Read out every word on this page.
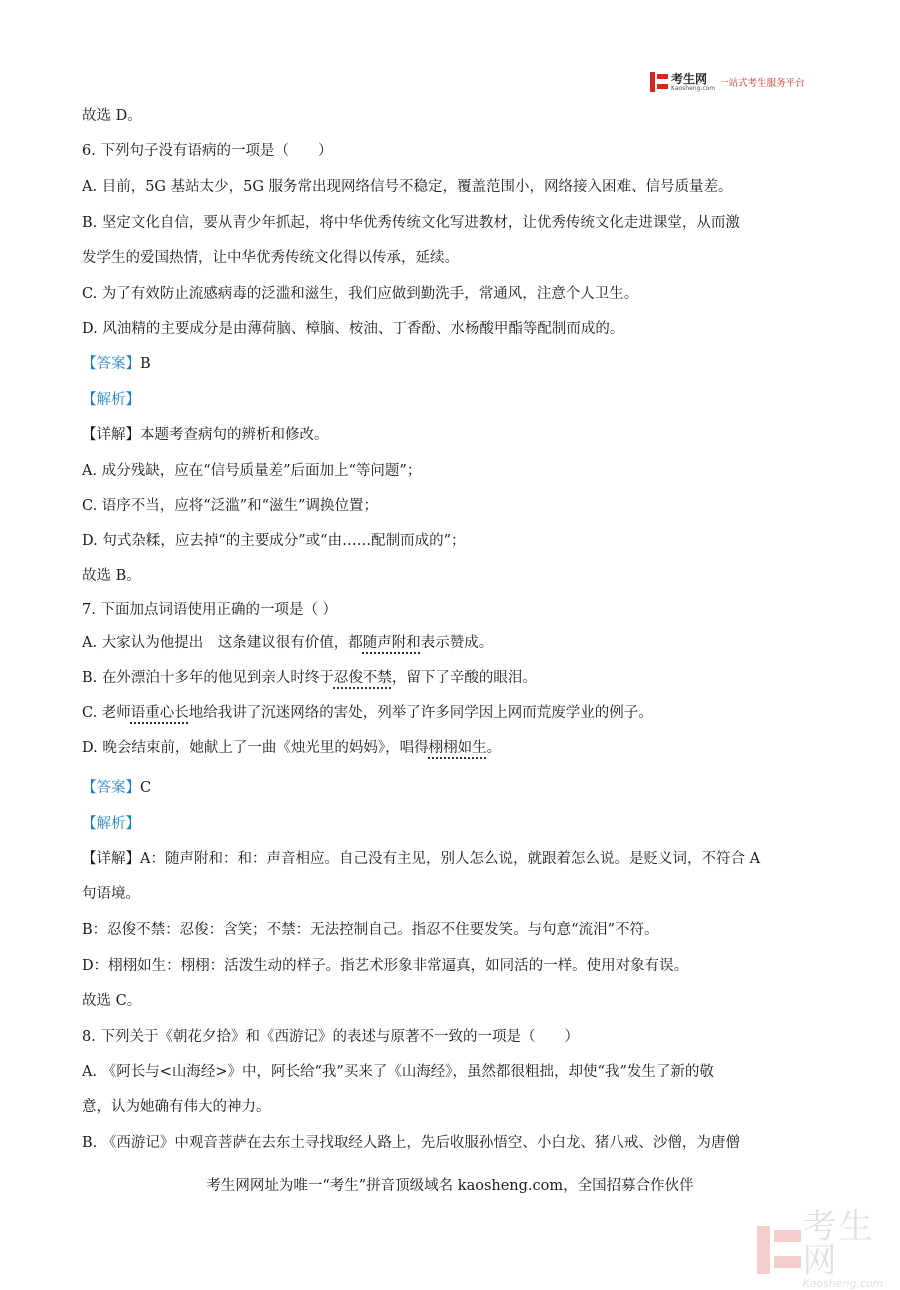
考生网
Kaosheng.com 一站式考生服务平台
故选 D。
6. 下列句子没有语病的一项是（　　）
A. 目前，5G 基站太少，5G 服务常出现网络信号不稳定，覆盖范围小，网络接入困难、信号质量差。
B. 坚定文化自信，要从青少年抓起，将中华优秀传统文化写进教材，让优秀传统文化走进课堂，从而激
发学生的爱国热情，让中华优秀传统文化得以传承，延续。
C. 为了有效防止流感病毒的泛滥和滋生，我们应做到勤洗手，常通风，注意个人卫生。
D. 风油精的主要成分是由薄荷脑、樟脑、桉油、丁香酚、水杨酸甲酯等配制而成的。
【答案】B
【解析】
【详解】本题考查病句的辨析和修改。
A. 成分残缺，应在“信号质量差”后面加上“等问题”；
C. 语序不当，应将“泛滥”和“滋生”调换位置；
D. 句式杂糅，应去掉“的主要成分”或“由……配制而成的”；
故选 B。
7. 下面加点词语使用正确的一项是（ ）
A. 大家认为他提出　这条建议很有价值，都随声附和表示赞成。
B. 在外漂泊十多年的他见到亲人时终于忍俊不禁，留下了辛酸的眼泪。
C. 老师语重心长地给我讲了沉迷网络的害处，列举了许多同学因上网而荒废学业的例子。
D. 晚会结束前，她献上了一曲《烛光里的妈妈》，唱得栩栩如生。
【答案】C
【解析】
【详解】A：随声附和：和：声音相应。自己没有主见，别人怎么说，就跟着怎么说。是贬义词，不符合 A
句语境。
B：忍俊不禁：忍俊：含笑；不禁：无法控制自己。指忍不住要发笑。与句意“流泪”不符。
D：栩栩如生：栩栩：活泼生动的样子。指艺术形象非常逼真，如同活的一样。使用对象有误。
故选 C。
8. 下列关于《朝花夕拾》和《西游记》的表述与原著不一致的一项是（　　）
A. 《阿长与<山海经>》中，阿长给“我”买来了《山海经》，虽然都很粗拙，却使“我”发生了新的敬
意，认为她确有伟大的神力。
B. 《西游记》中观音菩萨在去东土寻找取经人路上，先后收服孙悟空、小白龙、猪八戒、沙僧，为唐僧
考生网网址为唯一“考生”拼音顶级域名 kaosheng.com，全国招募合作伙伴
考生网
Kaosheng.com
